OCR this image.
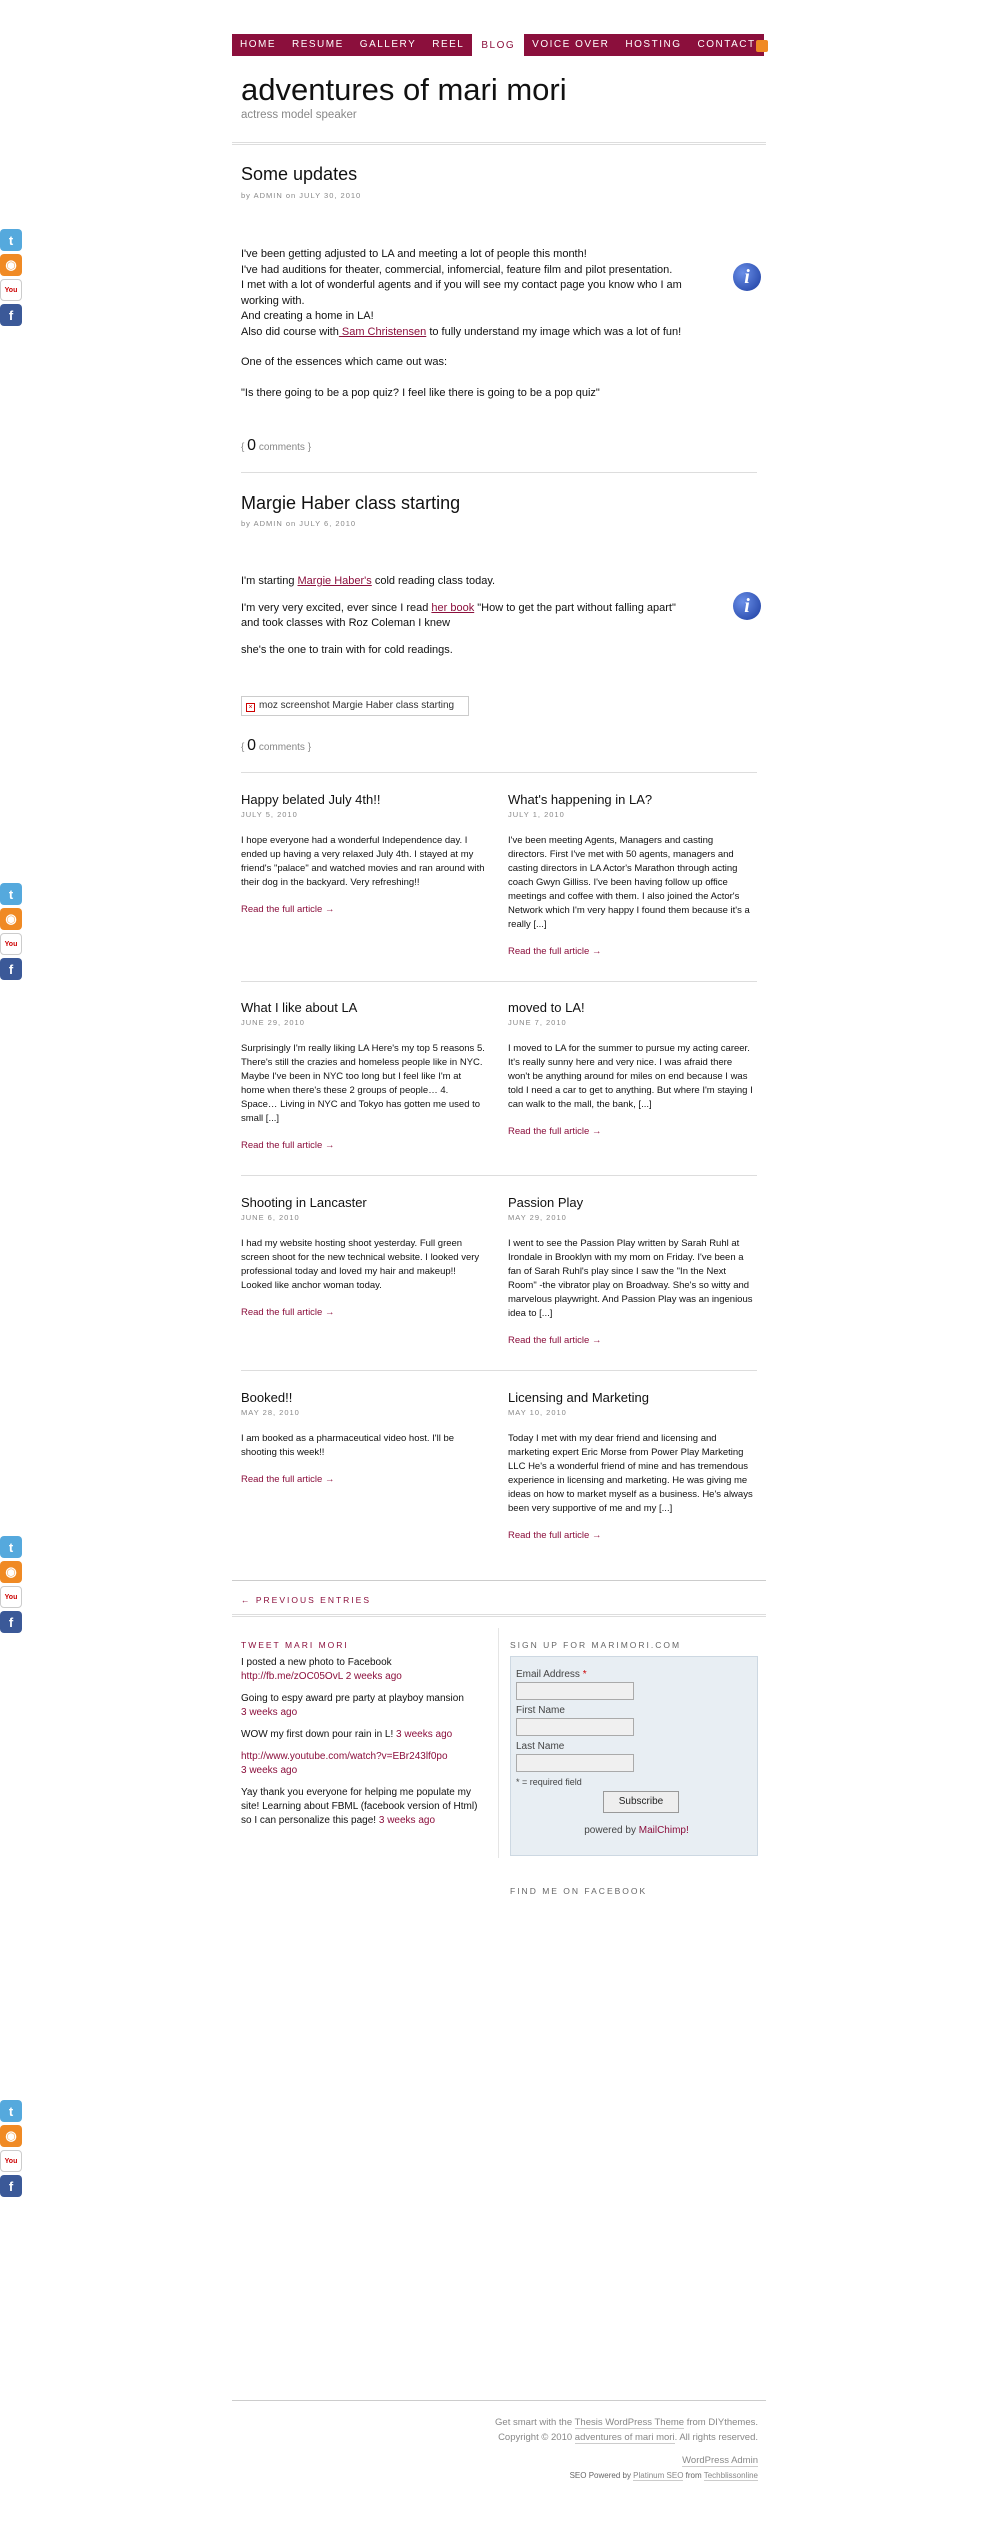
t
◉
You
f
t
◉
You
f
t
◉
You
f
t
◉
You
f
HOME	RESUME	GALLERY	REEL	BLOG	VOICE OVER	HOSTING	CONTACT
adventures of mari mori
actress model speaker
Some updates
by ADMIN on JULY 30, 2010
I've been getting adjusted to LA and meeting a lot of people this month!
I've had auditions for theater, commercial, infomercial, feature film and pilot presentation.
I met with a lot of wonderful agents and if you will see my contact page you know who I am working with.
And creating a home in LA!
Also did course with Sam Christensen to fully understand my image which was a lot of fun!
One of the essences which came out was:
"Is there going to be a pop quiz? I feel like there is going to be a pop quiz"
i
{ 0 comments }
Margie Haber class starting
by ADMIN on JULY 6, 2010
I'm starting Margie Haber's cold reading class today.
I'm very very excited, ever since I read her book "How to get the part without falling apart" and took classes with Roz Coleman I knew
she's the one to train with for cold readings.
i
× moz screenshot Margie Haber class starting
{ 0 comments }
Happy belated July 4th!!
JULY 5, 2010
I hope everyone had a wonderful Independence day. I ended up having a very relaxed July 4th. I stayed at my friend's "palace" and watched movies and ran around with their dog in the backyard. Very refreshing!!
Read the full article →
What's happening in LA?
JULY 1, 2010
I've been meeting Agents, Managers and casting directors. First I've met with 50 agents, managers and casting directors in LA Actor's Marathon through acting coach Gwyn Gilliss. I've been having follow up office meetings and coffee with them. I also joined the Actor's Network which I'm very happy I found them because it's a really [...]
Read the full article →
What I like about LA
JUNE 29, 2010
Surprisingly I'm really liking LA Here's my top 5 reasons 5. There's still the crazies and homeless people like in NYC. Maybe I've been in NYC too long but I feel like I'm at home when there's these 2 groups of people… 4. Space… Living in NYC and Tokyo has gotten me used to small [...]
Read the full article →
moved to LA!
JUNE 7, 2010
I moved to LA for the summer to pursue my acting career. It's really sunny here and very nice. I was afraid there won't be anything around for miles on end because I was told I need a car to get to anything. But where I'm staying I can walk to the mall, the bank, [...]
Read the full article →
Shooting in Lancaster
JUNE 6, 2010
I had my website hosting shoot yesterday. Full green screen shoot for the new technical website. I looked very professional today and loved my hair and makeup!! Looked like anchor woman today.
Read the full article →
Passion Play
MAY 29, 2010
I went to see the Passion Play written by Sarah Ruhl at Irondale in Brooklyn with my mom on Friday. I've been a fan of Sarah Ruhl's play since I saw the "In the Next Room" -the vibrator play on Broadway. She's so witty and marvelous playwright. And Passion Play was an ingenious idea to [...]
Read the full article →
Booked!!
MAY 28, 2010
I am booked as a pharmaceutical video host. I'll be shooting this week!!
Read the full article →
Licensing and Marketing
MAY 10, 2010
Today I met with my dear friend and licensing and marketing expert Eric Morse from Power Play Marketing LLC He's a wonderful friend of mine and has tremendous experience in licensing and marketing. He was giving me ideas on how to market myself as a business. He's always been very supportive of me and my [...]
Read the full article →
← PREVIOUS ENTRIES
TWEET MARI MORI

I posted a new photo to Facebook
http://fb.me/zOC05OvL 2 weeks ago

Going to espy award pre party at playboy mansion
3 weeks ago

WOW my first down pour rain in L! 3 weeks ago

http://www.youtube.com/watch?v=EBr243lf0po
3 weeks ago

Yay thank you everyone for helping me populate my site! Learning about FBML (facebook version of Html) so I can personalize this page! 3 weeks ago

SIGN UP FOR MARIMORI.COM
Email Address *
First Name
Last Name
* = required field
Subscribe
powered by MailChimp!
FIND ME ON FACEBOOK
Get smart with the Thesis WordPress Theme from DIYthemes.
Copyright © 2010 adventures of mari mori. All rights reserved.
WordPress Admin
SEO Powered by Platinum SEO from Techblissonline
